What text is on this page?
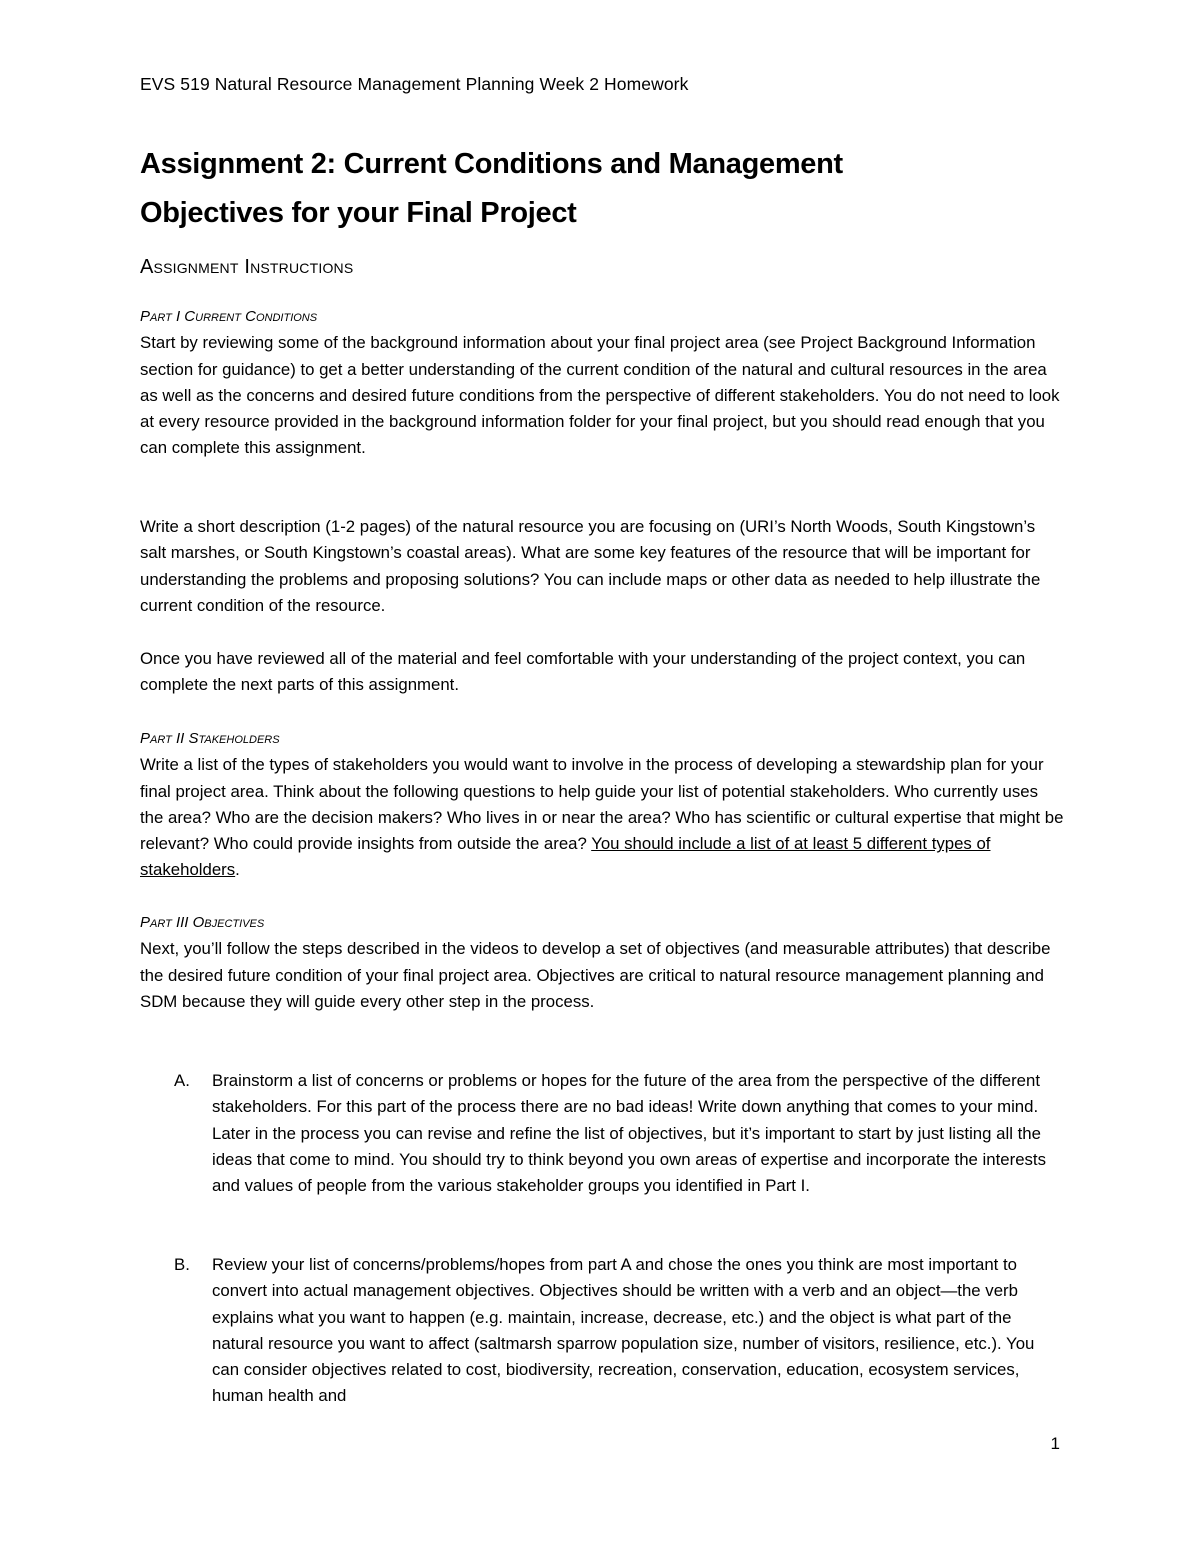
EVS 519 Natural Resource Management Planning Week 2 Homework
Assignment 2: Current Conditions and Management
Objectives for your Final Project
Assignment Instructions

Part I Current Conditions

Start by reviewing some of the background information about your final project area (see Project Background Information section for guidance) to get a better understanding of the current condition of the natural and cultural resources in the area as well as the concerns and desired future conditions from the perspective of different stakeholders. You do not need to look at every resource provided in the background information folder for your final project, but you should read enough that you can complete this assignment.

Write a short description (1-2 pages) of the natural resource you are focusing on (URI’s North Woods, South Kingstown’s salt marshes, or South Kingstown’s coastal areas). What are some key features of the resource that will be important for understanding the problems and proposing solutions? You can include maps or other data as needed to help illustrate the current condition of the resource.

Once you have reviewed all of the material and feel comfortable with your understanding of the project context, you can complete the next parts of this assignment.

Part II Stakeholders

Write a list of the types of stakeholders you would want to involve in the process of developing a stewardship plan for your final project area. Think about the following questions to help guide your list of potential stakeholders. Who currently uses the area? Who are the decision makers? Who lives in or near the area? Who has scientific or cultural expertise that might be relevant? Who could provide insights from outside the area? You should include a list of at least 5 different types of stakeholders.

Part III Objectives

Next, you’ll follow the steps described in the videos to develop a set of objectives (and measurable attributes) that describe the desired future condition of your final project area. Objectives are critical to natural resource management planning and SDM because they will guide every other step in the process.

A. Brainstorm a list of concerns or problems or hopes for the future of the area from the perspective of the different stakeholders. For this part of the process there are no bad ideas! Write down anything that comes to your mind. Later in the process you can revise and refine the list of objectives, but it’s important to start by just listing all the ideas that come to mind. You should try to think beyond you own areas of expertise and incorporate the interests and values of people from the various stakeholder groups you identified in Part I.

B. Review your list of concerns/problems/hopes from part A and chose the ones you think are most important to convert into actual management objectives. Objectives should be written with a verb and an object—the verb explains what you want to happen (e.g. maintain, increase, decrease, etc.) and the object is what part of the natural resource you want to affect (saltmarsh sparrow population size, number of visitors, resilience, etc.). You can consider objectives related to cost, biodiversity, recreation, conservation, education, ecosystem services, human health and

1
